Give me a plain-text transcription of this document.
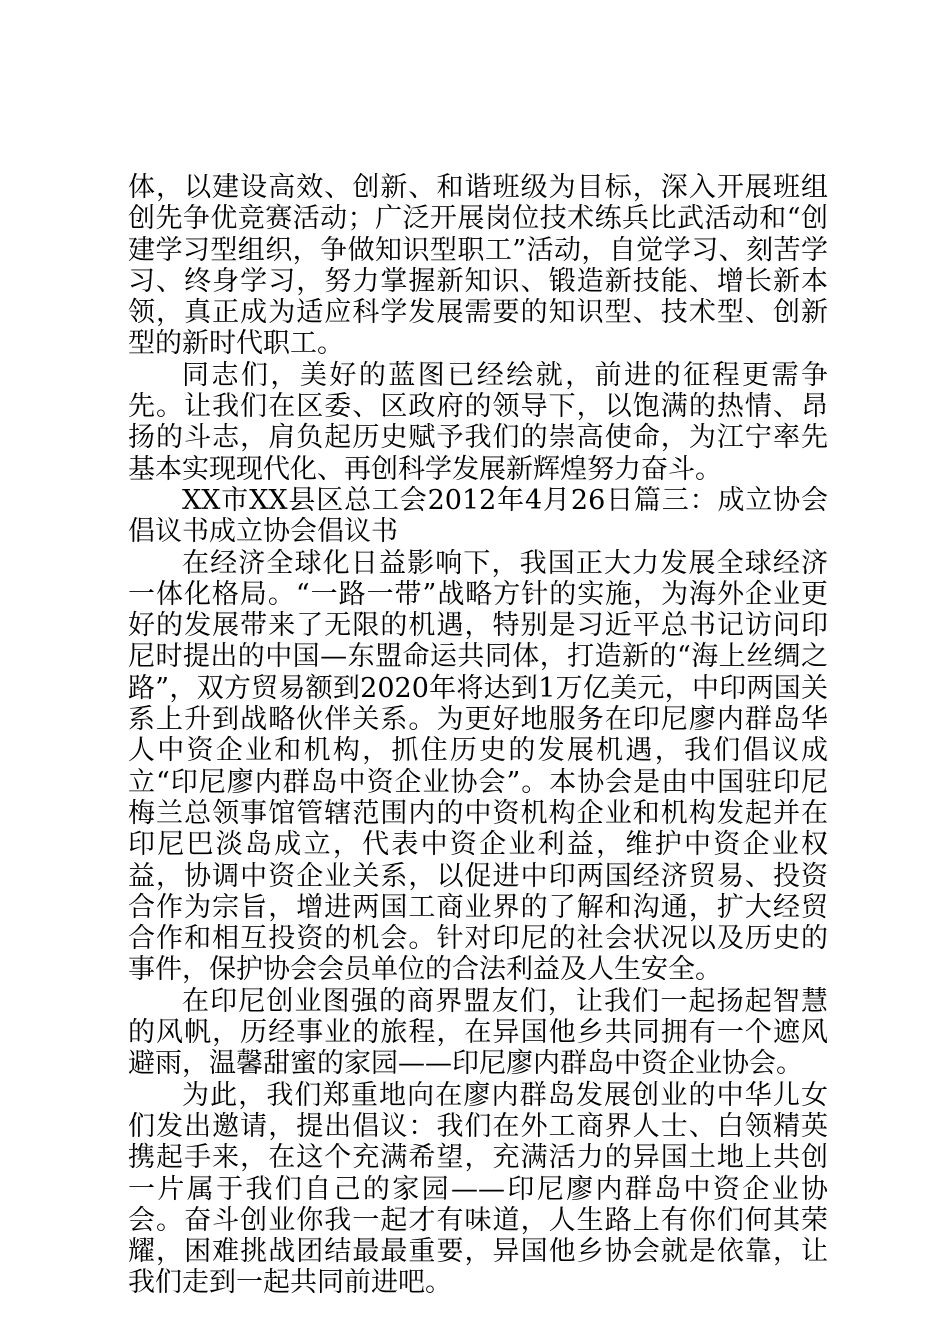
体，以建设高效、创新、和谐班级为目标，深入开展班组创先争优竞赛活动；广泛开展岗位技术练兵比武活动和“创建学习型组织，争做知识型职工”活动，自觉学习、刻苦学习、终身学习，努力掌握新知识、锻造新技能、增长新本领，真正成为适应科学发展需要的知识型、技术型、创新型的新时代职工。

同志们，美好的蓝图已经绘就，前进的征程更需争先。让我们在区委、区政府的领导下，以饱满的热情、昂扬的斗志，肩负起历史赋予我们的崇高使命，为江宁率先基本实现现代化、再创科学发展新辉煌努力奋斗。

XX市XX县区总工会2012年4月26日篇三：成立协会倡议书成立协会倡议书

在经济全球化日益影响下，我国正大力发展全球经济一体化格局。“一路一带”战略方针的实施，为海外企业更好的发展带来了无限的机遇，特别是习近平总书记访问印尼时提出的中国—东盟命运共同体，打造新的“海上丝绸之路”，双方贸易额到2020年将达到1万亿美元，中印两国关系上升到战略伙伴关系。为更好地服务在印尼廖内群岛华人中资企业和机构，抓住历史的发展机遇，我们倡议成立“印尼廖内群岛中资企业协会”。本协会是由中国驻印尼梅兰总领事馆管辖范围内的中资机构企业和机构发起并在印尼巴淡岛成立，代表中资企业利益，维护中资企业权益，协调中资企业关系，以促进中印两国经济贸易、投资合作为宗旨，增进两国工商业界的了解和沟通，扩大经贸合作和相互投资的机会。针对印尼的社会状况以及历史的事件，保护协会会员单位的合法利益及人生安全。

在印尼创业图强的商界盟友们，让我们一起扬起智慧的风帆，历经事业的旅程，在异国他乡共同拥有一个遮风避雨，温馨甜蜜的家园——印尼廖内群岛中资企业协会。

为此，我们郑重地向在廖内群岛发展创业的中华儿女们发出邀请，提出倡议：我们在外工商界人士、白领精英携起手来，在这个充满希望，充满活力的异国土地上共创一片属于我们自己的家园——印尼廖内群岛中资企业协会。奋斗创业你我一起才有味道，人生路上有你们何其荣耀，困难挑战团结最最重要，异国他乡协会就是依靠，让我们走到一起共同前进吧。
